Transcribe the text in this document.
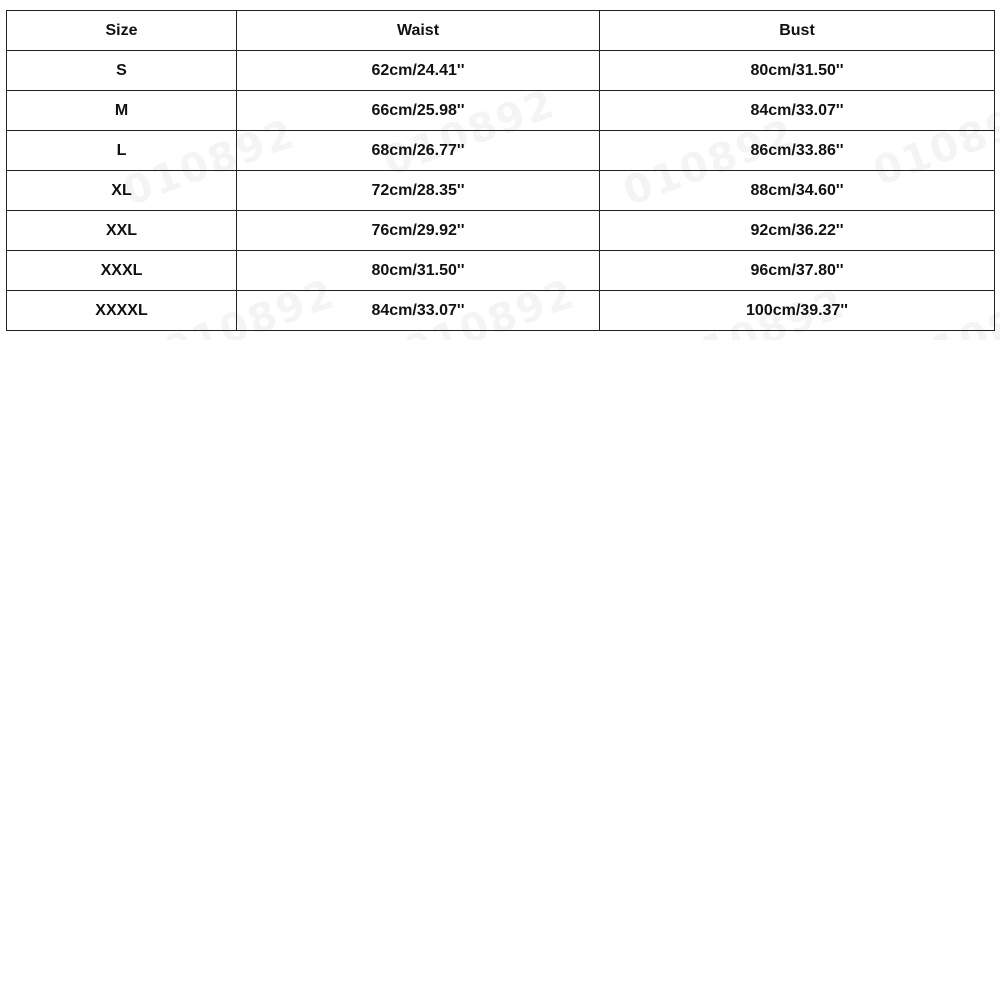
Size	Waist	Bust
S	62cm/24.41''	80cm/31.50''
M	66cm/25.98''	84cm/33.07''
L	68cm/26.77''	86cm/33.86''
XL	72cm/28.35''	88cm/34.60''
XXL	76cm/29.92''	92cm/36.22''
XXXL	80cm/31.50''	96cm/37.80''
XXXXL	84cm/33.07''	100cm/39.37''
